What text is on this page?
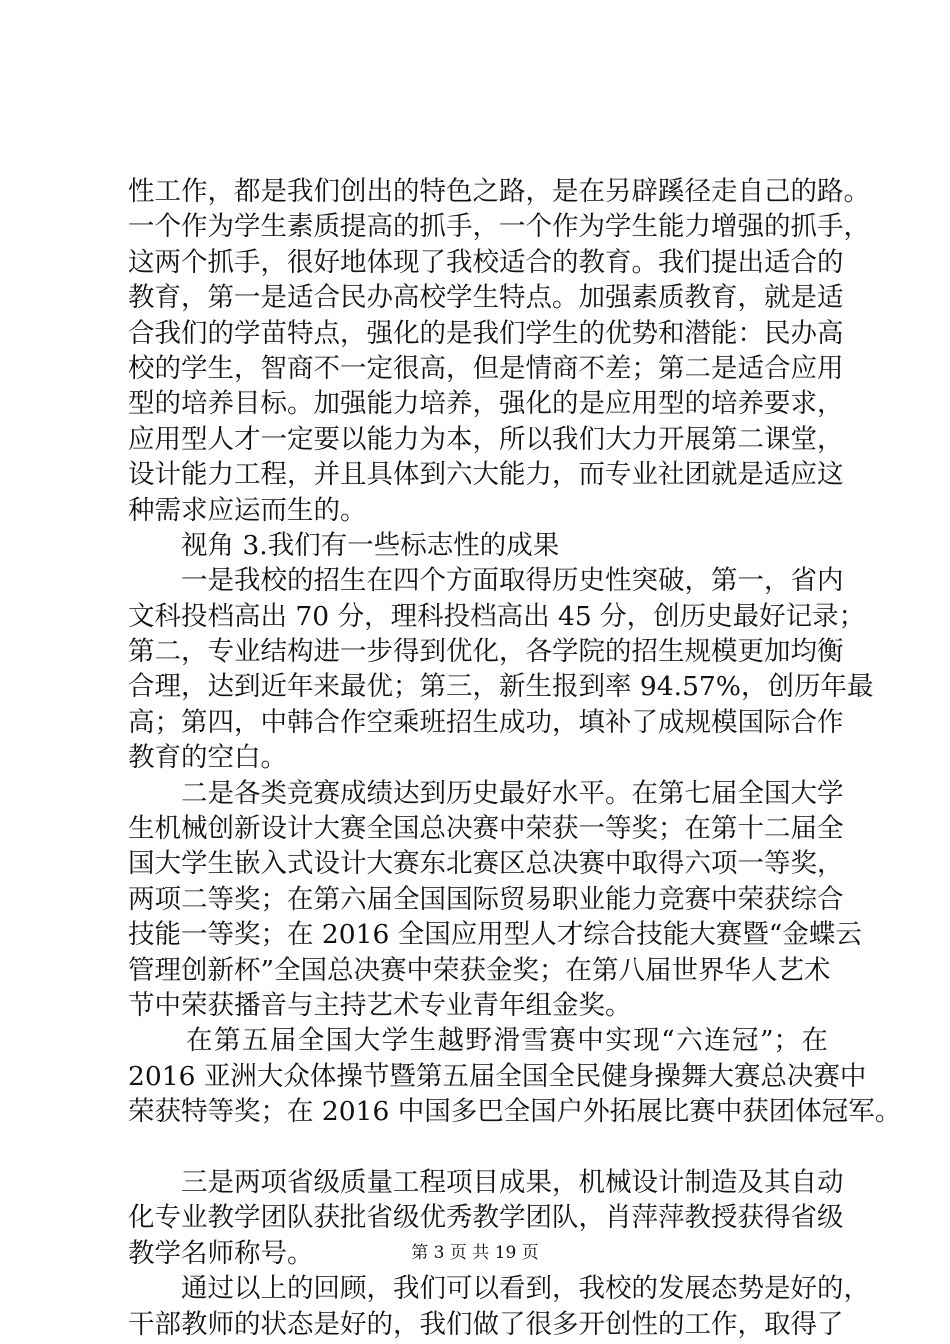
性工作，都是我们创出的特色之路，是在另辟蹊径走自己的路。
一个作为学生素质提高的抓手，一个作为学生能力增强的抓手，
这两个抓手，很好地体现了我校适合的教育。我们提出适合的
教育，第一是适合民办高校学生特点。加强素质教育，就是适
合我们的学苗特点，强化的是我们学生的优势和潜能：民办高
校的学生，智商不一定很高，但是情商不差；第二是适合应用
型的培养目标。加强能力培养，强化的是应用型的培养要求，
应用型人才一定要以能力为本，所以我们大力开展第二课堂，
设计能力工程，并且具体到六大能力，而专业社团就是适应这
种需求应运而生的。
视角 3.我们有一些标志性的成果
一是我校的招生在四个方面取得历史性突破，第一，省内
文科投档高出 70 分，理科投档高出 45 分，创历史最好记录；
第二，专业结构进一步得到优化，各学院的招生规模更加均衡
合理，达到近年来最优；第三，新生报到率 94.57%，创历年最
高；第四，中韩合作空乘班招生成功，填补了成规模国际合作
教育的空白。
二是各类竞赛成绩达到历史最好水平。在第七届全国大学
生机械创新设计大赛全国总决赛中荣获一等奖；在第十二届全
国大学生嵌入式设计大赛东北赛区总决赛中取得六项一等奖，
两项二等奖；在第六届全国国际贸易职业能力竞赛中荣获综合
技能一等奖；在 2016 全国应用型人才综合技能大赛暨“金蝶云
管理创新杯”全国总决赛中荣获金奖；在第八届世界华人艺术
节中荣获播音与主持艺术专业青年组金奖。
在第五届全国大学生越野滑雪赛中实现“六连冠”；在
2016 亚洲大众体操节暨第五届全国全民健身操舞大赛总决赛中
荣获特等奖；在 2016 中国多巴全国户外拓展比赛中获团体冠军。
三是两项省级质量工程项目成果，机械设计制造及其自动
化专业教学团队获批省级优秀教学团队，肖萍萍教授获得省级
教学名师称号。
通过以上的回顾，我们可以看到，我校的发展态势是好的，
干部教师的状态是好的，我们做了很多开创性的工作，取得了
第 3 页 共 19 页
